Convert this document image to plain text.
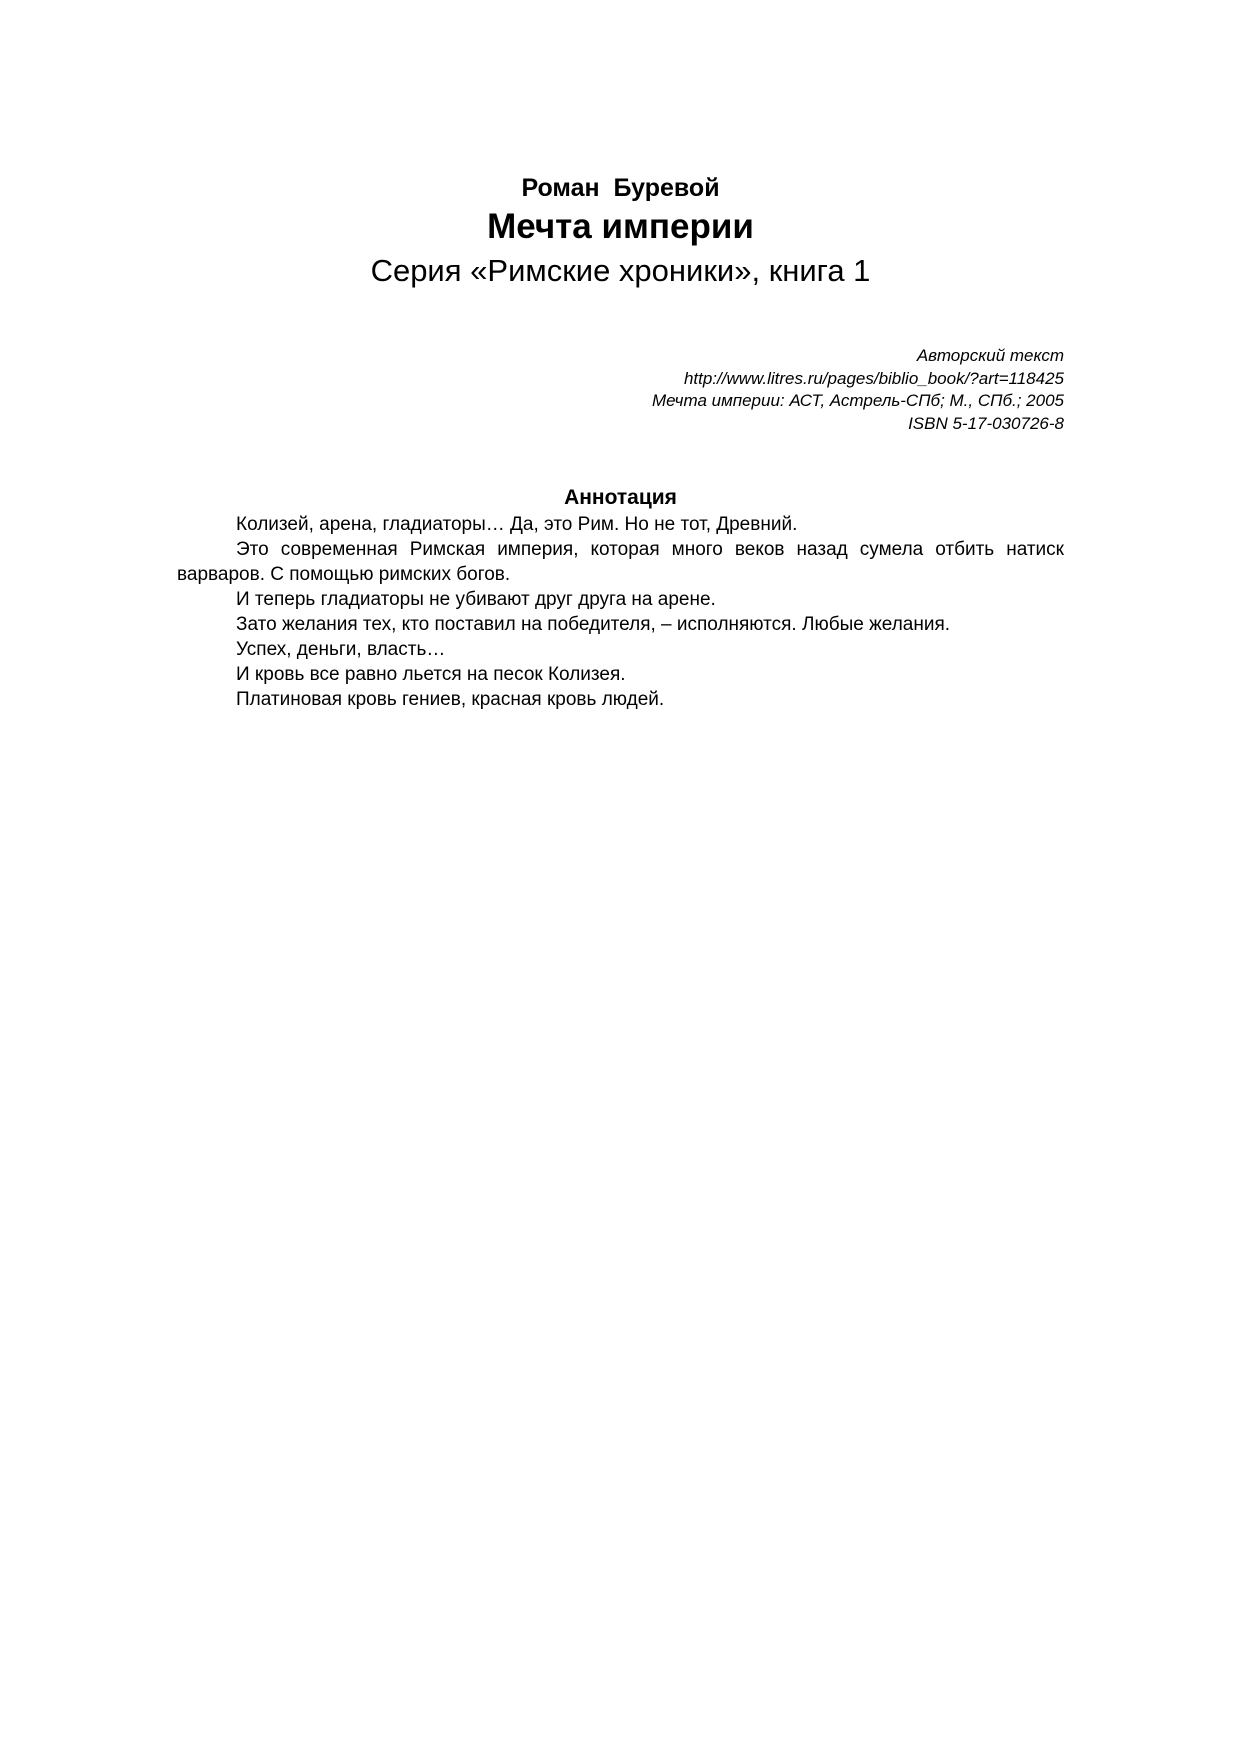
Роман  Буревой

Мечта империи

Серия «Римские хроники», книга 1

Авторский текст
http://www.litres.ru/pages/biblio_book/?art=118425
Мечта империи: АСТ, Астрель-СПб; М., СПб.; 2005
ISBN 5-17-030726-8
Аннотация

Колизей, арена, гладиаторы… Да, это Рим. Но не тот, Древний.

Это современная Римская империя, которая много веков назад сумела отбить натиск варваров. С помощью римских богов.

И теперь гладиаторы не убивают друг друга на арене.

Зато желания тех, кто поставил на победителя, – исполняются. Любые желания.

Успех, деньги, власть…

И кровь все равно льется на песок Колизея.

Платиновая кровь гениев, красная кровь людей.
